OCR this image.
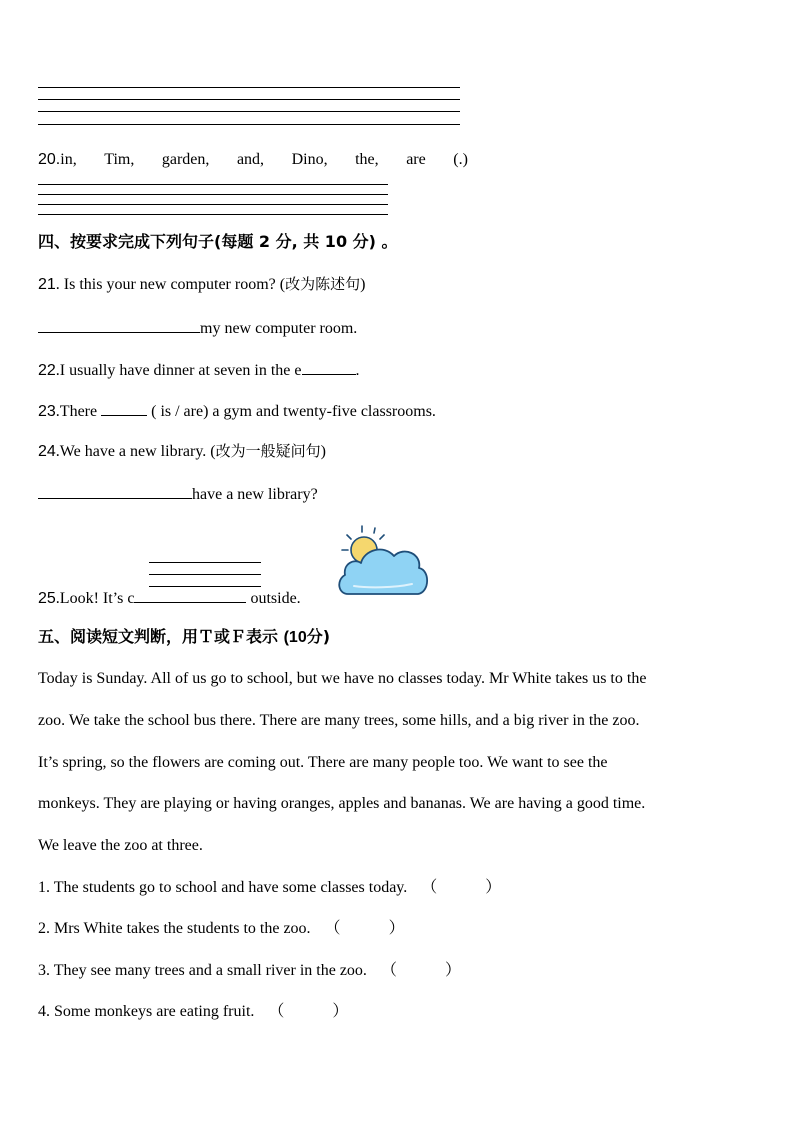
20.in, Tim, garden, and, Dino, the, are (.)
四、按要求完成下列句子(每题 2 分, 共 10 分) 。
21. Is this your new computer room? (改为陈述句)
my new computer room.
22.I usually have dinner at seven in the e	.
23.There	( is / are) a gym and twenty-five classrooms.
24.We have a new library. (改为一般疑问句)
have a new library?
25.Look! It’s c	outside.
五、阅读短文判断，用Ｔ或Ｆ表示 (10分)
Today is Sunday. All of us go to school, but we have no classes today. Mr White takes us to the
zoo. We take the school bus there. There are many trees, some hills, and a big river in the zoo.
It’s spring, so the flowers are coming out. There are many people too. We want to see the
monkeys. They are playing or having oranges, apples and bananas. We are having a good time.
We leave the zoo at three.
1. The students go to school and have some classes today. （	）
2. Mrs White takes the students to the zoo. （	）
3. They see many trees and a small river in the zoo. （	）
4. Some monkeys are eating fruit. （	）
